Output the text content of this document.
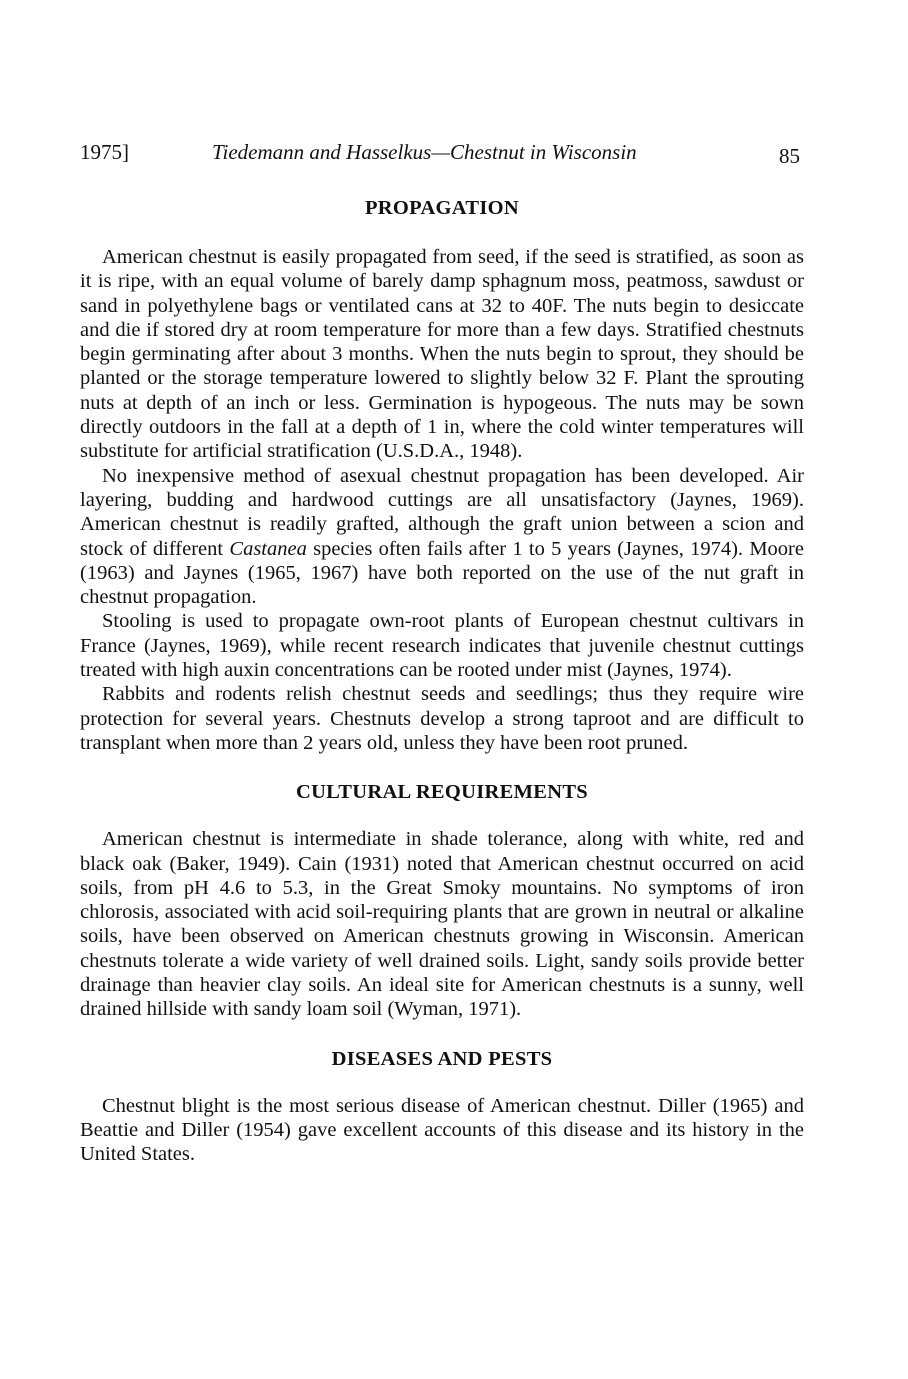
1975]	Tiedemann and Hasselkus—Chestnut in Wisconsin	85
PROPAGATION

American chestnut is easily propagated from seed, if the seed is stratified, as soon as it is ripe, with an equal volume of barely damp sphagnum moss, peatmoss, sawdust or sand in polyethylene bags or ventilated cans at 32 to 40F. The nuts begin to desiccate and die if stored dry at room temperature for more than a few days. Stratified chestnuts begin germinating after about 3 months. When the nuts begin to sprout, they should be planted or the storage temperature lowered to slightly below 32 F. Plant the sprouting nuts at depth of an inch or less. Germination is hypogeous. The nuts may be sown directly outdoors in the fall at a depth of 1 in, where the cold winter temperatures will substitute for artificial stratification (U.S.D.A., 1948).

No inexpensive method of asexual chestnut propagation has been developed. Air layering, budding and hardwood cuttings are all unsatisfactory (Jaynes, 1969). American chestnut is readily grafted, although the graft union between a scion and stock of different Castanea species often fails after 1 to 5 years (Jaynes, 1974). Moore (1963) and Jaynes (1965, 1967) have both reported on the use of the nut graft in chestnut propagation.

Stooling is used to propagate own-root plants of European chestnut cultivars in France (Jaynes, 1969), while recent research indicates that juvenile chestnut cuttings treated with high auxin concentrations can be rooted under mist (Jaynes, 1974).

Rabbits and rodents relish chestnut seeds and seedlings; thus they require wire protection for several years. Chestnuts develop a strong taproot and are difficult to transplant when more than 2 years old, unless they have been root pruned.

CULTURAL REQUIREMENTS

American chestnut is intermediate in shade tolerance, along with white, red and black oak (Baker, 1949). Cain (1931) noted that American chestnut occurred on acid soils, from pH 4.6 to 5.3, in the Great Smoky mountains. No symptoms of iron chlorosis, associated with acid soil-requiring plants that are grown in neutral or alkaline soils, have been observed on American chestnuts growing in Wisconsin. American chestnuts tolerate a wide variety of well drained soils. Light, sandy soils provide better drainage than heavier clay soils. An ideal site for American chestnuts is a sunny, well drained hillside with sandy loam soil (Wyman, 1971).

DISEASES AND PESTS

Chestnut blight is the most serious disease of American chestnut. Diller (1965) and Beattie and Diller (1954) gave excellent accounts of this disease and its history in the United States.
